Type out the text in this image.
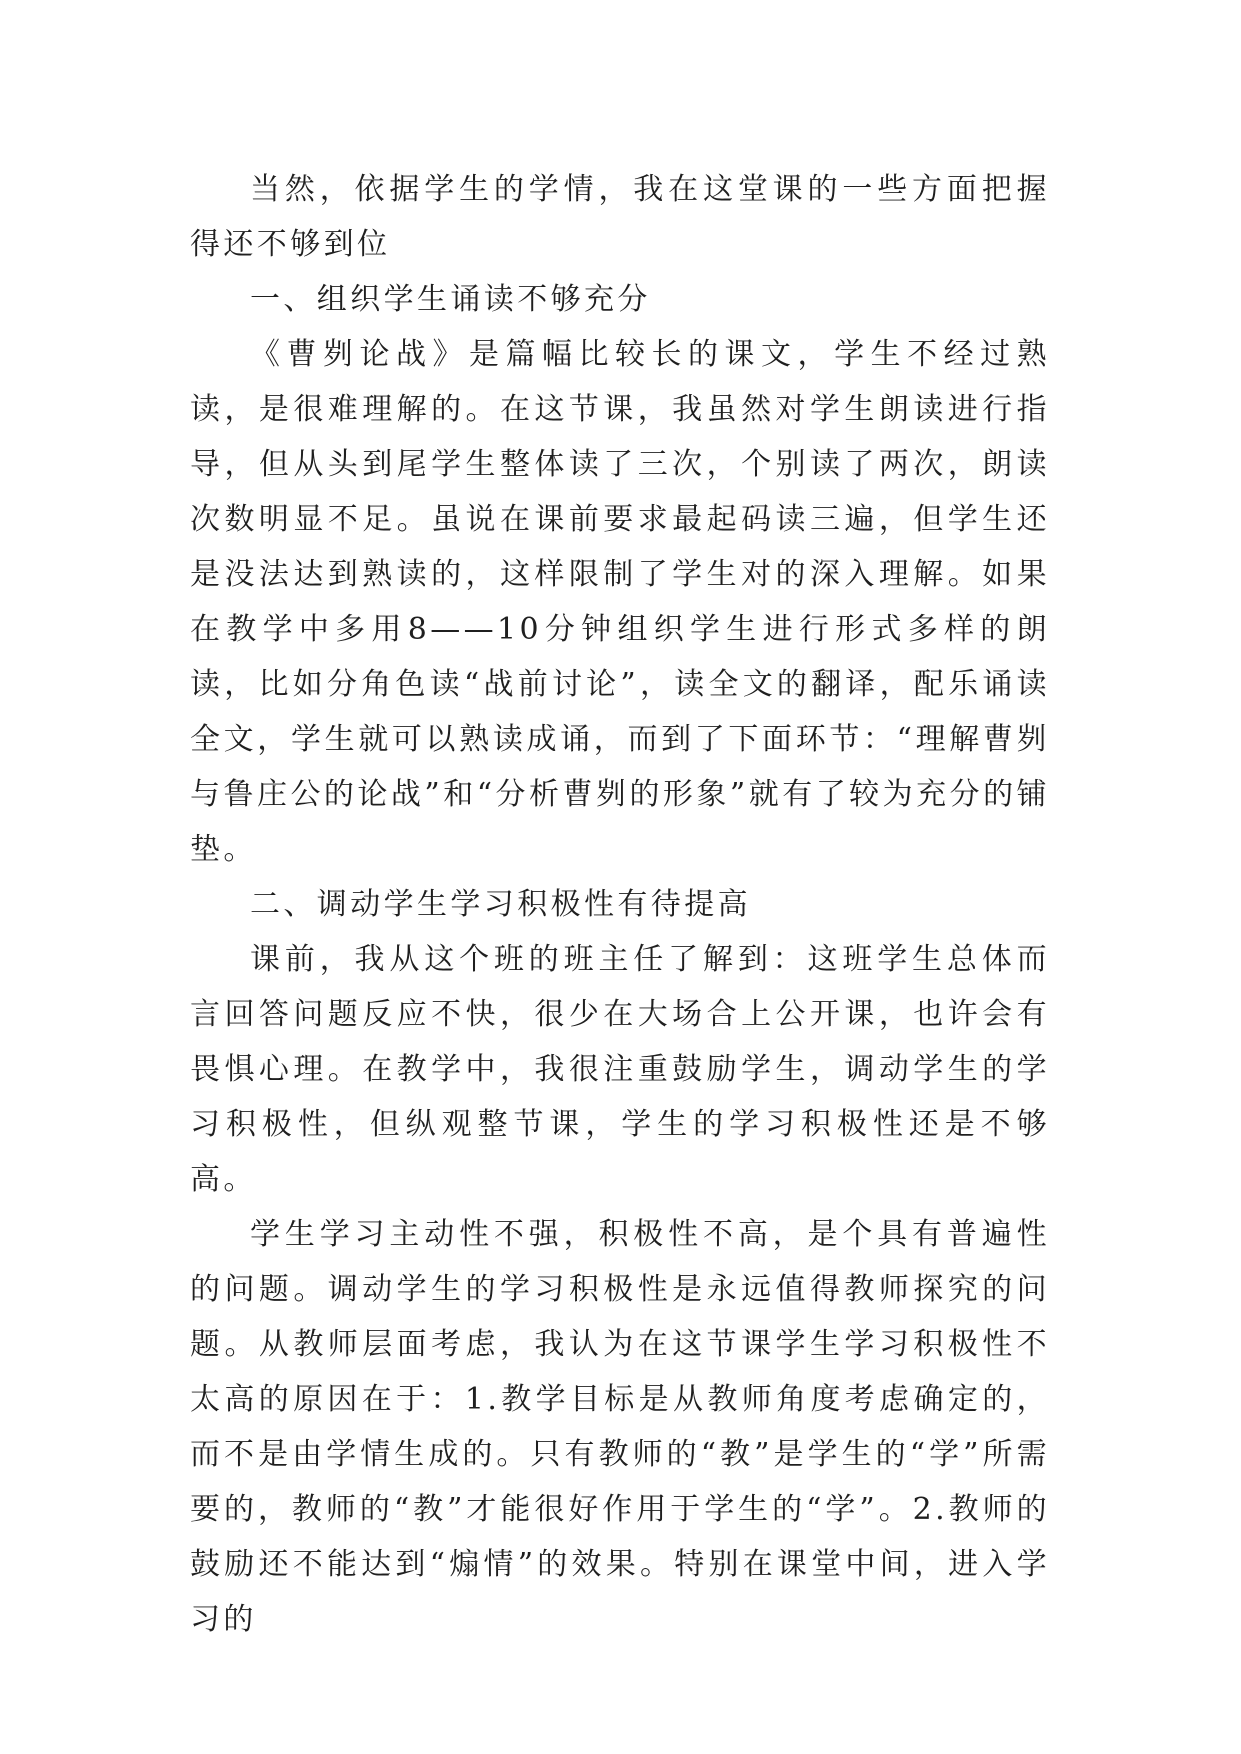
当然，依据学生的学情，我在这堂课的一些方面把握得还不够到位

一、组织学生诵读不够充分

《曹刿论战》是篇幅比较长的课文，学生不经过熟读，是很难理解的。在这节课，我虽然对学生朗读进行指导，但从头到尾学生整体读了三次，个别读了两次，朗读次数明显不足。虽说在课前要求最起码读三遍，但学生还是没法达到熟读的，这样限制了学生对的深入理解。如果在教学中多用8——10分钟组织学生进行形式多样的朗读，比如分角色读“战前讨论”，读全文的翻译，配乐诵读全文，学生就可以熟读成诵，而到了下面环节：“理解曹刿与鲁庄公的论战”和“分析曹刿的形象”就有了较为充分的铺垫。

二、调动学生学习积极性有待提高

课前，我从这个班的班主任了解到：这班学生总体而言回答问题反应不快，很少在大场合上公开课，也许会有畏惧心理。在教学中，我很注重鼓励学生，调动学生的学习积极性，但纵观整节课，学生的学习积极性还是不够高。

学生学习主动性不强，积极性不高，是个具有普遍性的问题。调动学生的学习积极性是永远值得教师探究的问题。从教师层面考虑，我认为在这节课学生学习积极性不太高的原因在于：1.教学目标是从教师角度考虑确定的，而不是由学情生成的。只有教师的“教”是学生的“学”所需要的，教师的“教”才能很好作用于学生的“学”。2.教师的鼓励还不能达到“煽情”的效果。特别在课堂中间，进入学习的
